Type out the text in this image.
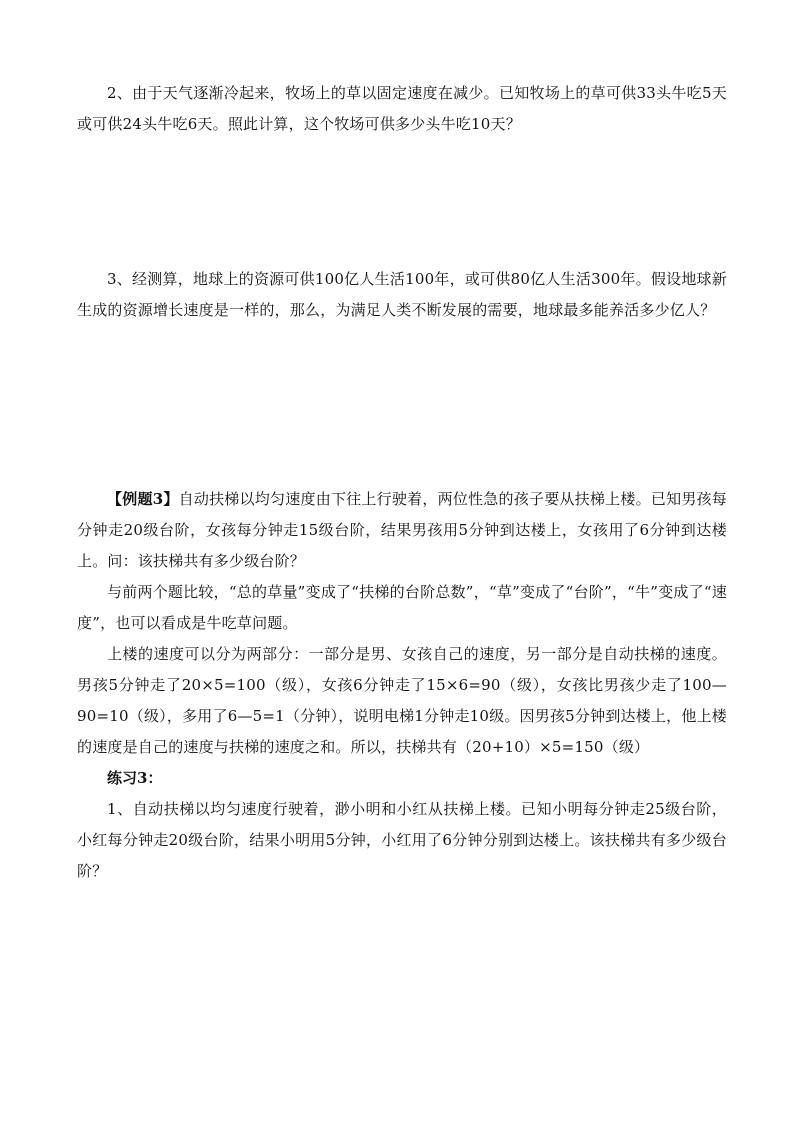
2、由于天气逐渐冷起来，牧场上的草以固定速度在减少。已知牧场上的草可供33头牛吃5天或可供24头牛吃6天。照此计算，这个牧场可供多少头牛吃10天？

3、经测算，地球上的资源可供100亿人生活100年，或可供80亿人生活300年。假设地球新生成的资源增长速度是一样的，那么，为满足人类不断发展的需要，地球最多能养活多少亿人？

【例题3】自动扶梯以均匀速度由下往上行驶着，两位性急的孩子要从扶梯上楼。已知男孩每分钟走20级台阶，女孩每分钟走15级台阶，结果男孩用5分钟到达楼上，女孩用了6分钟到达楼上。问：该扶梯共有多少级台阶？

与前两个题比较，“总的草量”变成了“扶梯的台阶总数”，“草”变成了“台阶”，“牛”变成了“速度”，也可以看成是牛吃草问题。

上楼的速度可以分为两部分：一部分是男、女孩自己的速度，另一部分是自动扶梯的速度。男孩5分钟走了20×5=100（级），女孩6分钟走了15×6=90（级），女孩比男孩少走了100—90=10（级），多用了6—5=1（分钟），说明电梯1分钟走10级。因男孩5分钟到达楼上，他上楼的速度是自己的速度与扶梯的速度之和。所以，扶梯共有（20+10）×5=150（级）

练习3：

1、自动扶梯以均匀速度行驶着，渺小明和小红从扶梯上楼。已知小明每分钟走25级台阶，小红每分钟走20级台阶，结果小明用5分钟，小红用了6分钟分别到达楼上。该扶梯共有多少级台阶？
